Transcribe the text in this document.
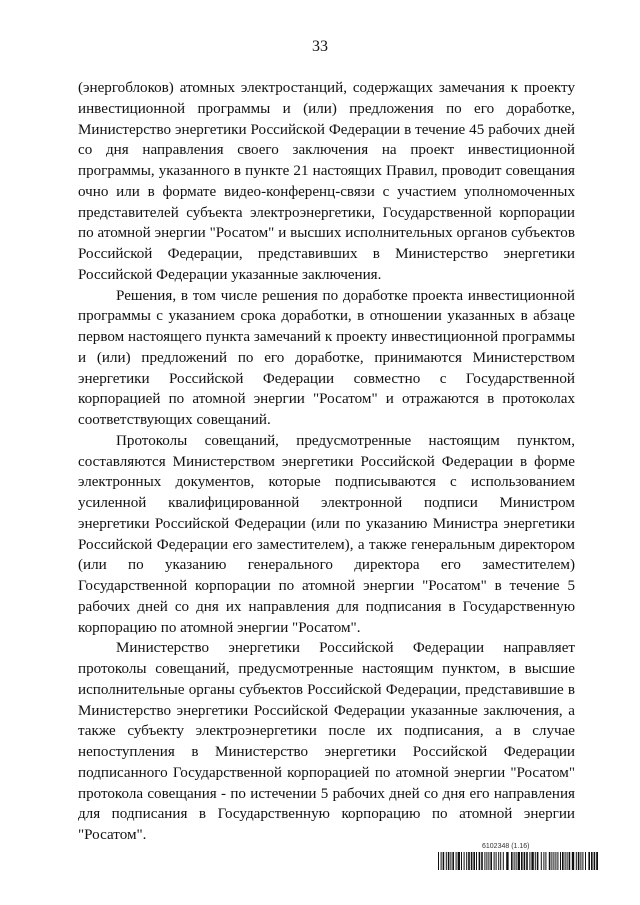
33

(энергоблоков) атомных электростанций, содержащих замечания к проекту инвестиционной программы и (или) предложения по его доработке, Министерство энергетики Российской Федерации в течение 45 рабочих дней со дня направления своего заключения на проект инвестиционной программы, указанного в пункте 21 настоящих Правил, проводит совещания очно или в формате видео-конференц-связи с участием уполномоченных представителей субъекта электроэнергетики, Государственной корпорации по атомной энергии "Росатом" и высших исполнительных органов субъектов Российской Федерации, представивших в Министерство энергетики Российской Федерации указанные заключения.

Решения, в том числе решения по доработке проекта инвестиционной программы с указанием срока доработки, в отношении указанных в абзаце первом настоящего пункта замечаний к проекту инвестиционной программы и (или) предложений по его доработке, принимаются Министерством энергетики Российской Федерации совместно с Государственной корпорацией по атомной энергии "Росатом" и отражаются в протоколах соответствующих совещаний.

Протоколы совещаний, предусмотренные настоящим пунктом, составляются Министерством энергетики Российской Федерации в форме электронных документов, которые подписываются с использованием усиленной квалифицированной электронной подписи Министром энергетики Российской Федерации (или по указанию Министра энергетики Российской Федерации его заместителем), а также генеральным директором (или по указанию генерального директора его заместителем) Государственной корпорации по атомной энергии "Росатом" в течение 5 рабочих дней со дня их направления для подписания в Государственную корпорацию по атомной энергии "Росатом".

Министерство энергетики Российской Федерации направляет протоколы совещаний, предусмотренные настоящим пунктом, в высшие исполнительные органы субъектов Российской Федерации, представившие в Министерство энергетики Российской Федерации указанные заключения, а также субъекту электроэнергетики после их подписания, а в случае непоступления в Министерство энергетики Российской Федерации подписанного Государственной корпорацией по атомной энергии "Росатом" протокола совещания - по истечении 5 рабочих дней со дня его направления для подписания в Государственную корпорацию по атомной энергии "Росатом".

6102348 (1.16)
